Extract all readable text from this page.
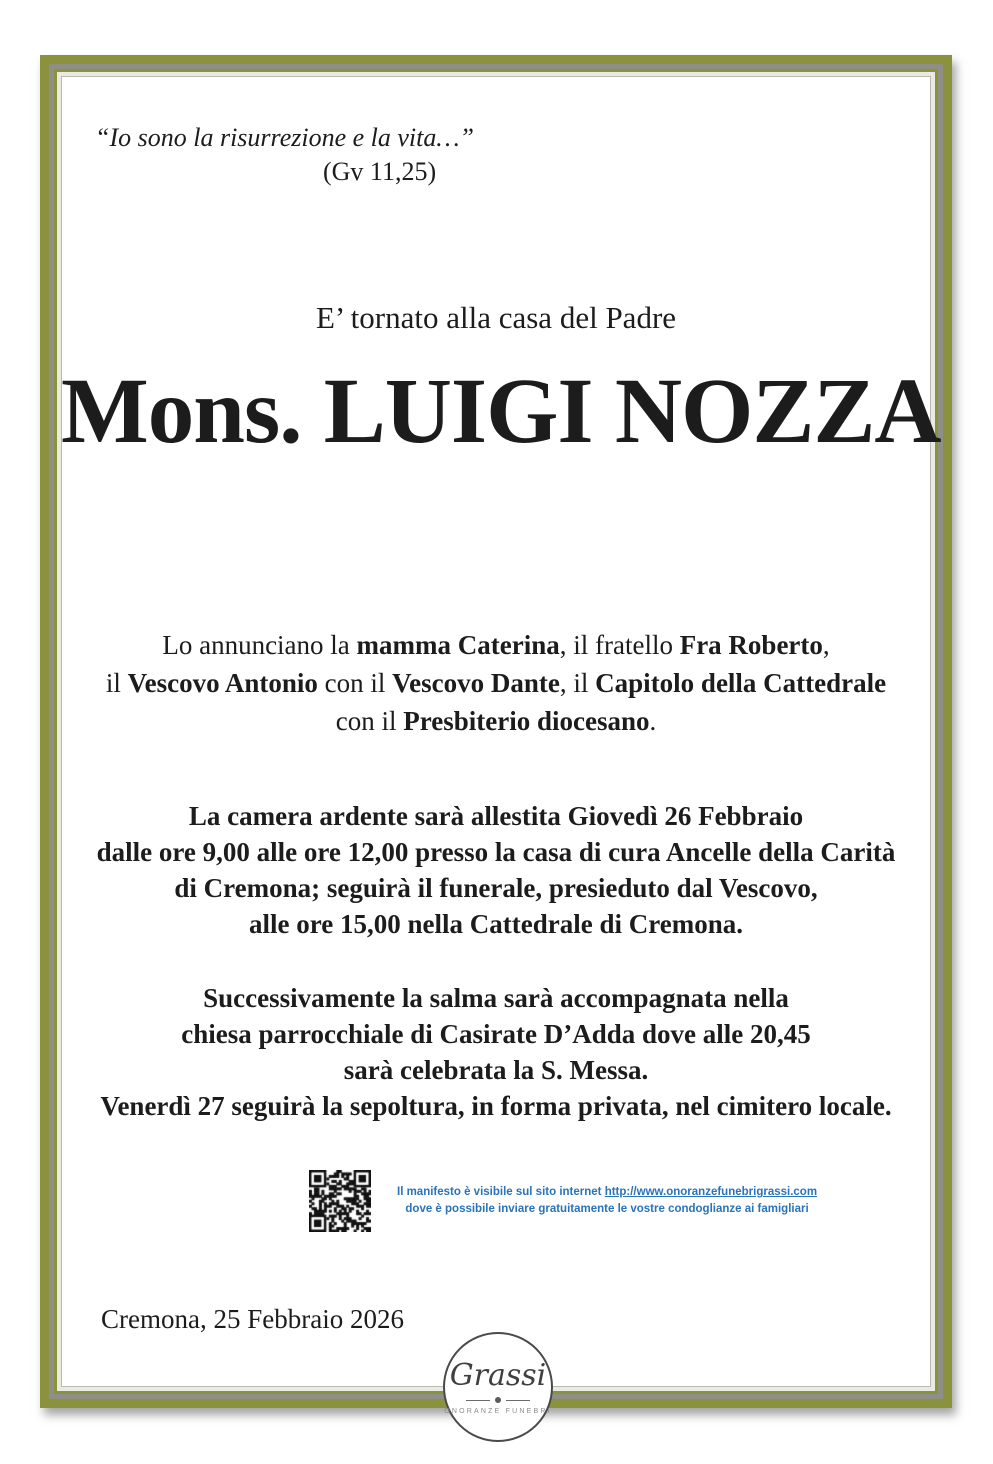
“Io sono la risurrezione e la vita…”
(Gv 11,25)
E’ tornato alla casa del Padre
Mons. LUIGI NOZZA
Lo annunciano la mamma Caterina, il fratello Fra Roberto,
il Vescovo Antonio con il Vescovo Dante, il Capitolo della Cattedrale
con il Presbiterio diocesano.
La camera ardente sarà allestita Giovedì 26 Febbraio
dalle ore 9,00 alle ore 12,00 presso la casa di cura Ancelle della Carità
di Cremona; seguirà il funerale, presieduto dal Vescovo,
alle ore 15,00 nella Cattedrale di Cremona.
Successivamente la salma sarà accompagnata nella
chiesa parrocchiale di Casirate D’Adda dove alle 20,45
sarà celebrata la S. Messa.
Venerdì 27 seguirà la sepoltura, in forma privata, nel cimitero locale.
Il manifesto è visibile sul sito internet http://www.onoranzefunebrigrassi.com
dove è possibile inviare gratuitamente le vostre condoglianze ai famigliari
Cremona, 25 Febbraio 2026
Grassi
ONORANZE FUNEBRI
